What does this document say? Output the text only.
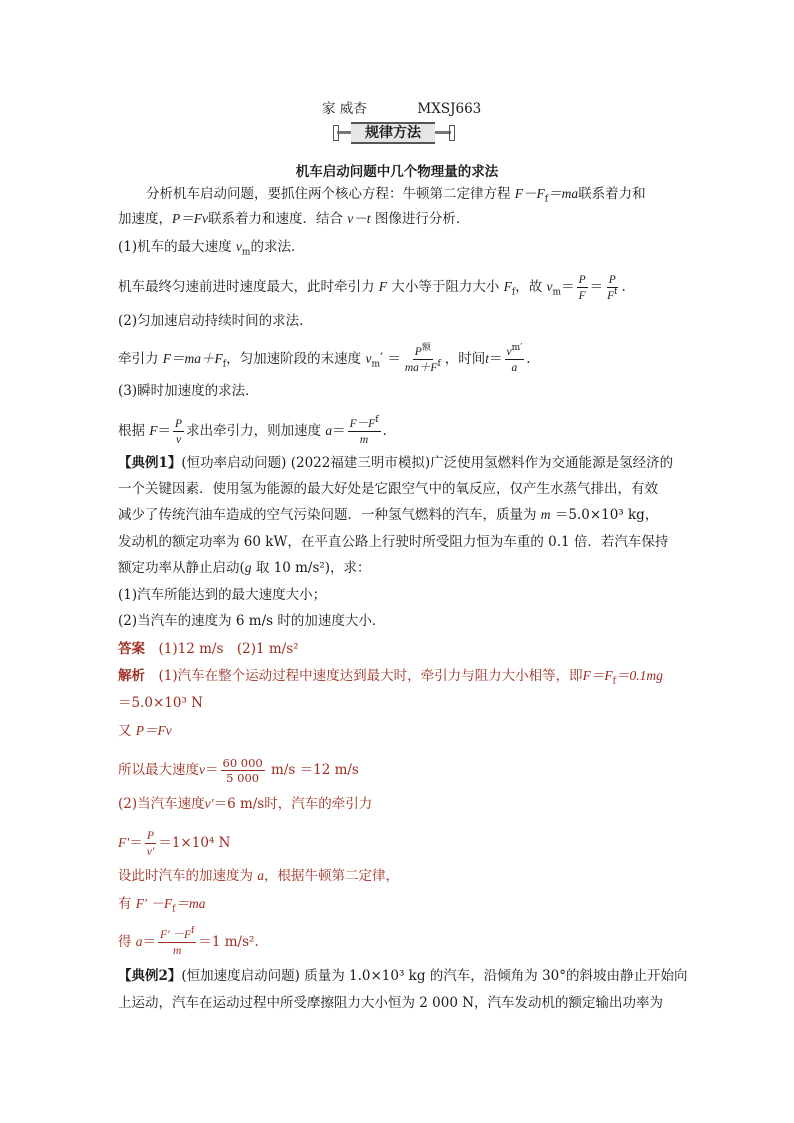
家 威杏	MXSJ663
规律方法
机车启动问题中几个物理量的求法
分析机车启动问题，要抓住两个核心方程：牛顿第二定律方程 $F-F_f=ma$联系着力和
加速度，P＝Fv联系着力和速度．结合 v－t 图像进行分析．
(1)机车的最大速度 $v_m$的求法．
机车最终匀速前进时速度最大，此时牵引力 F 大小等于阻力大小 $F_f$，故 $v_m= \frac{P}{F} = \frac{P}{F^f}$ .
(2)匀加速启动持续时间的求法．
牵引力 $F=ma+F_f$，匀加速阶段的末速度 $v_m' = \frac{P^额}{ma+F^f}$ ，时间$t= \frac{v^{m'}}{a}$ .
(3)瞬时加速度的求法．
根据 $F= \frac{P}{v}$ 求出牵引力，则加速度 $a= \frac{F-F^f}{m}$ .
【典例1】(恒功率启动问题) (2022福建三明市模拟)广泛使用氢燃料作为交通能源是氢经济的
一个关键因素．使用氢为能源的最大好处是它跟空气中的氧反应，仅产生水蒸气排出，有效
减少了传统汽油车造成的空气污染问题．一种氢气燃料的汽车，质量为 m ＝5.0×10³ kg，
发动机的额定功率为 60 kW，在平直公路上行驶时所受阻力恒为车重的 0.1 倍．若汽车保持
额定功率从静止启动(g 取 10 m/s²)，求：
(1)汽车所能达到的最大速度大小；
(2)当汽车的速度为 6 m/s 时的加速度大小．
答案　 (1)12 m/s　(2)1 m/s²
解析　 (1)汽车在整个运动过程中速度达到最大时，牵引力与阻力大小相等，即$F=F_f=0.1mg$
＝5.0×10³ N
又 P＝Fv
所以最大速度$v= \frac{60 000}{5 000} m/s =12$ m/s
(2)当汽车速度v′＝6 m/s时，汽车的牵引力
$F'= \frac{P}{v'} =1\times 10^4$ N
设此时汽车的加速度为 a，根据牛顿第二定律，
有 $F' -F_f=ma$
得 $a= \frac{F' -F^f}{m} =1$ m/s².
【典例2】(恒加速度启动问题) 质量为 1.0×10³ kg 的汽车，沿倾角为 30°的斜坡由静止开始向
上运动，汽车在运动过程中所受摩擦阻力大小恒为 2 000 N，汽车发动机的额定输出功率为
